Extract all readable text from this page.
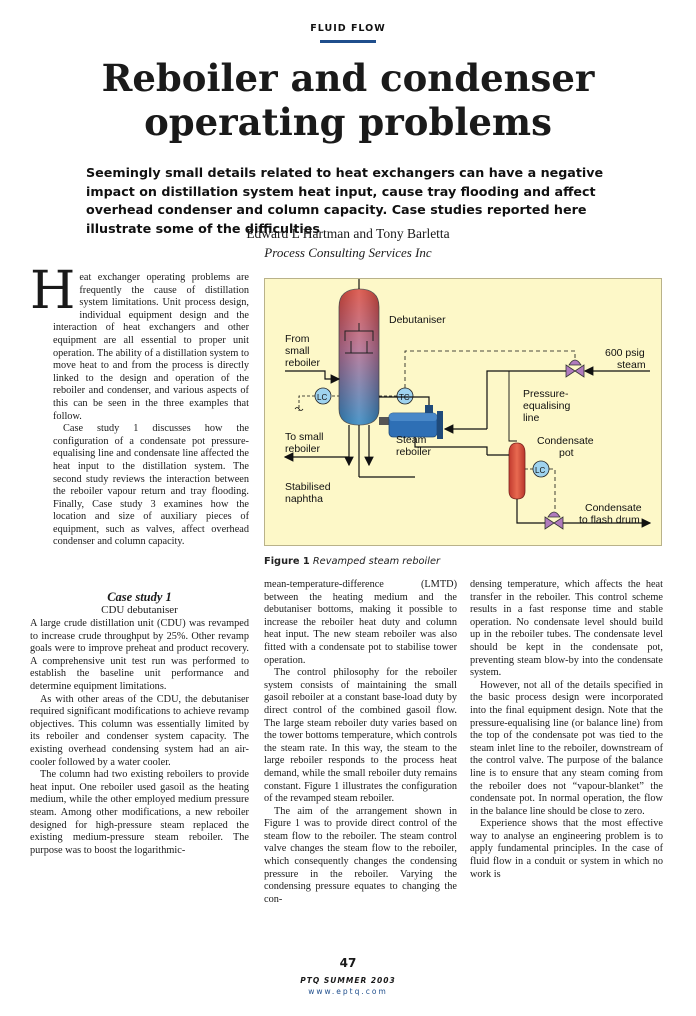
FLUID FLOW
Reboiler and condenser
operating problems
Seemingly small details related to heat exchangers can have a negative impact on distillation system heat input, cause tray flooding and affect overhead condenser and column capacity. Case studies reported here illustrate some of the difficulties
Edward L Hartman and Tony Barletta
Process Consulting Services Inc

Heat exchanger operating problems are frequently the cause of distillation system limitations. Unit process design, individual equipment design and the interaction of heat exchangers and other equipment are all essential to proper unit operation. The ability of a distillation system to move heat to and from the process is directly linked to the design and operation of the reboiler and condenser, and various aspects of this can be seen in the three examples that follow.

Case study 1 discusses how the configuration of a condensate pot pressure-equalising line and condensate line affected the heat input to the distillation system. The second study reviews the interaction between the reboiler vapour return and tray flooding. Finally, Case study 3 examines how the location and size of auxiliary pieces of equipment, such as valves, affect overhead condenser and column capacity.

Case study 1
CDU debutaniser

A large crude distillation unit (CDU) was revamped to increase crude throughput by 25%. Other revamp goals were to improve preheat and product recovery. A comprehensive unit test run was performed to establish the baseline unit performance and determine equipment limitations.

As with other areas of the CDU, the debutaniser required significant modifications to achieve revamp objectives. This column was essentially limited by its reboiler and condenser system capacity. The existing overhead condensing system had an air-cooler followed by a water cooler.

The column had two existing reboilers to provide heat input. One reboiler used gasoil as the heating medium, while the other employed medium pressure steam. Among other modifications, a new reboiler designed for high-pressure steam replaced the existing medium-pressure steam reboiler. The purpose was to boost the logarithmic-

Debutaniser
From
small
reboiler
LC	TC
600 psig
steam
Pressure-
equalising
line
Steam
reboiler
To small
reboiler
Stabilised
naphtha
Condensate
pot
LC
Condensate
to flash drum
Figure 1 Revamped steam reboiler

mean-temperature-difference (LMTD) between the heating medium and the debutaniser bottoms, making it possible to increase the reboiler heat duty and column heat input. The new steam reboiler was also fitted with a condensate pot to stabilise tower operation.

The control philosophy for the reboiler system consists of maintaining the small gasoil reboiler at a constant base-load duty by direct control of the combined gasoil flow. The large steam reboiler duty varies based on the tower bottoms temperature, which controls the steam rate. In this way, the steam to the large reboiler responds to the process heat demand, while the small reboiler duty remains constant. Figure 1 illustrates the configuration of the revamped steam reboiler.

The aim of the arrangement shown in Figure 1 was to provide direct control of the steam flow to the reboiler. The steam control valve changes the steam flow to the reboiler, which consequently changes the condensing pressure in the reboiler. Varying the condensing pressure equates to changing the con-

densing temperature, which affects the heat transfer in the reboiler. This control scheme results in a fast response time and stable operation. No condensate level should build up in the reboiler tubes. The condensate level should be kept in the condensate pot, preventing steam blow-by into the condensate system.

However, not all of the details specified in the basic process design were incorporated into the final equipment design. Note that the pressure-equalising line (or balance line) from the top of the condensate pot was tied to the steam inlet line to the reboiler, downstream of the control valve. The purpose of the balance line is to ensure that any steam coming from the reboiler does not “vapour-blanket” the condensate pot. In normal operation, the flow in the balance line should be close to zero.

Experience shows that the most effective way to analyse an engineering problem is to apply fundamental principles. In the case of fluid flow in a conduit or system in which no work is

47
PTQ SUMMER 2003
www.eptq.com
